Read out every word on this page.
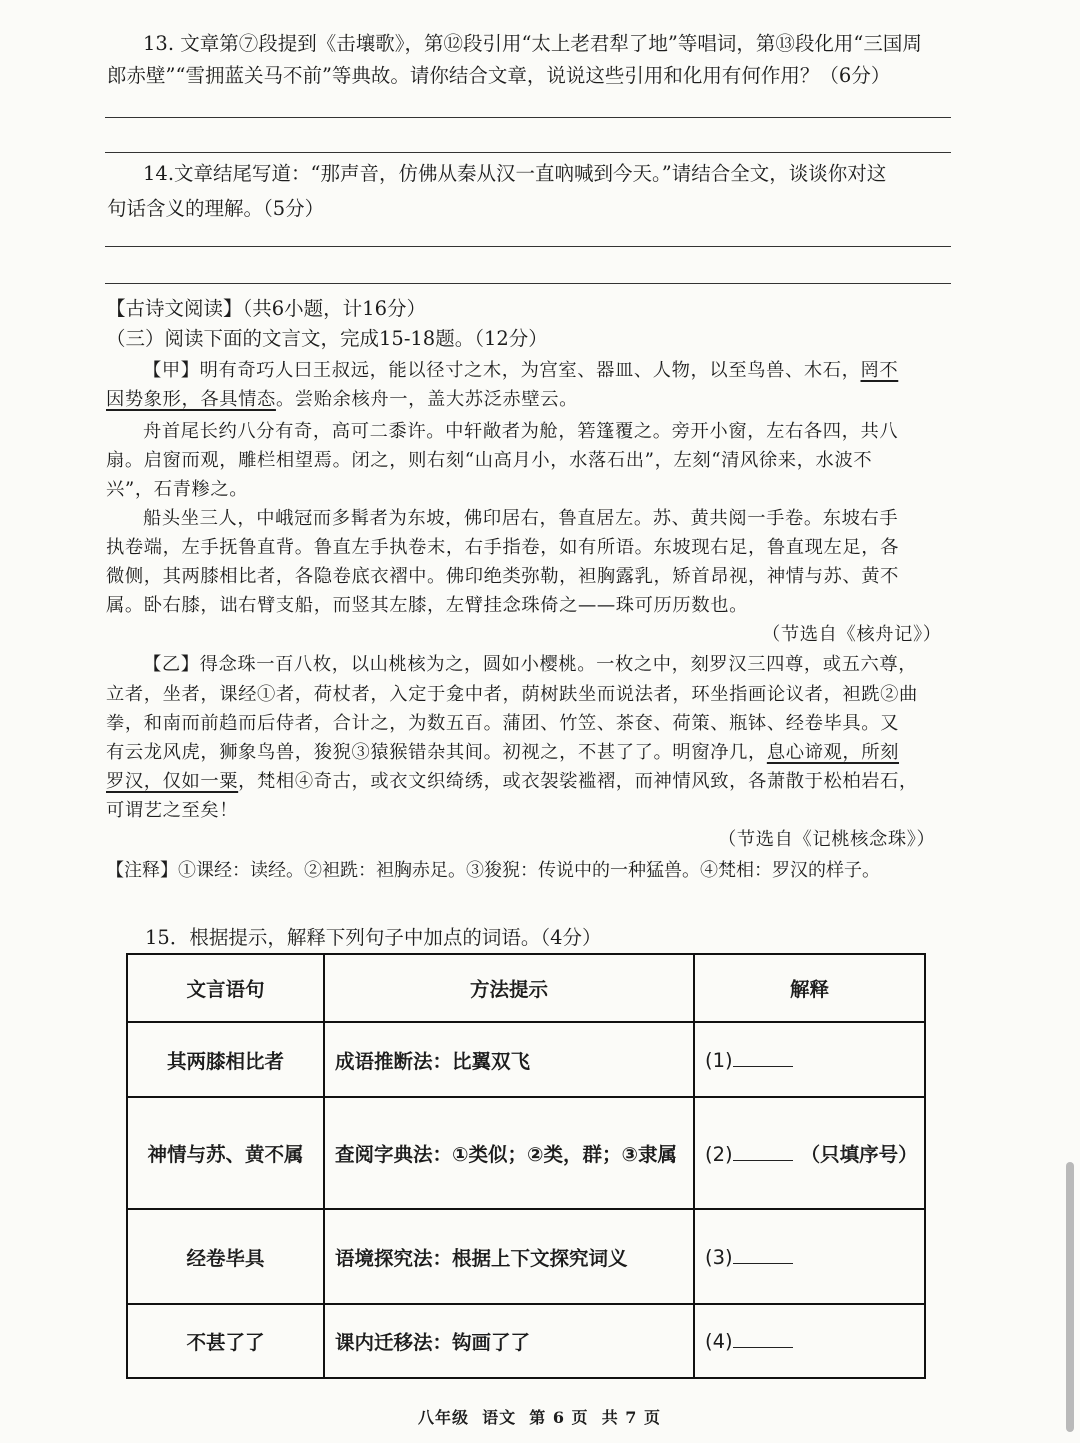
13. 文章第⑦段提到《击壤歌》，第⑫段引用“太上老君犁了地”等唱词，第⑬段化用“三国周
郎赤壁”“雪拥蓝关马不前”等典故。请你结合文章，说说这些引用和化用有何作用？（6分）
14.文章结尾写道：“那声音，仿佛从秦从汉一直吶喊到今天。”请结合全文，谈谈你对这
句话含义的理解。（5分）
【古诗文阅读】（共6小题，计16分）
（三）阅读下面的文言文，完成15-18题。（12分）
【甲】明有奇巧人曰王叔远，能以径寸之木，为宫室、器皿、人物，以至鸟兽、木石，罔不
因势象形，各具情态。尝贻余核舟一，盖大苏泛赤壁云。
舟首尾长约八分有奇，高可二黍许。中轩敞者为舱，箬篷覆之。旁开小窗，左右各四，共八
扇。启窗而观，雕栏相望焉。闭之，则右刻“山高月小，水落石出”，左刻“清风徐来，水波不
兴”，石青糁之。
船头坐三人，中峨冠而多髯者为东坡，佛印居右，鲁直居左。苏、黄共阅一手卷。东坡右手
执卷端，左手抚鲁直背。鲁直左手执卷末，右手指卷，如有所语。东坡现右足，鲁直现左足，各
微侧，其两膝相比者，各隐卷底衣褶中。佛印绝类弥勒，袒胸露乳，矫首昂视，神情与苏、黄不
属。卧右膝，诎右臂支船，而竖其左膝，左臂挂念珠倚之——珠可历历数也。
（节选自《核舟记》）
【乙】得念珠一百八枚，以山桃核为之，圆如小樱桃。一枚之中，刻罗汉三四尊，或五六尊，
立者，坐者，课经①者，荷杖者，入定于龛中者，荫树趺坐而说法者，环坐指画论议者，袒跣②曲
拳，和南而前趋而后侍者，合计之，为数五百。蒲团、竹笠、茶奁、荷策、瓶钵、经卷毕具。又
有云龙风虎，狮象鸟兽，狻猊③猿猴错杂其间。初视之，不甚了了。明窗净几，息心谛观，所刻
罗汉，仅如一粟，梵相④奇古，或衣文织绮绣，或衣袈裟褴褶，而神情风致，各萧散于松柏岩石，
可谓艺之至矣！
（节选自《记桃核念珠》）
【注释】①课经：读经。②袒跣：袒胸赤足。③狻猊：传说中的一种猛兽。④梵相：罗汉的样子。
15．根据提示，解释下列句子中加点的词语。（4分）
文言语句	方法提示	解释
其两膝相比者	成语推断法：比翼双飞	(1)
神情与苏、黄不属	查阅字典法：①类似；②类，群；③隶属	(2) （只填序号）
经卷毕具	语境探究法：根据上下文探究词义	(3)
不甚了了	课内迁移法：钩画了了	(4)
八年级  语文  第 6 页  共 7 页
